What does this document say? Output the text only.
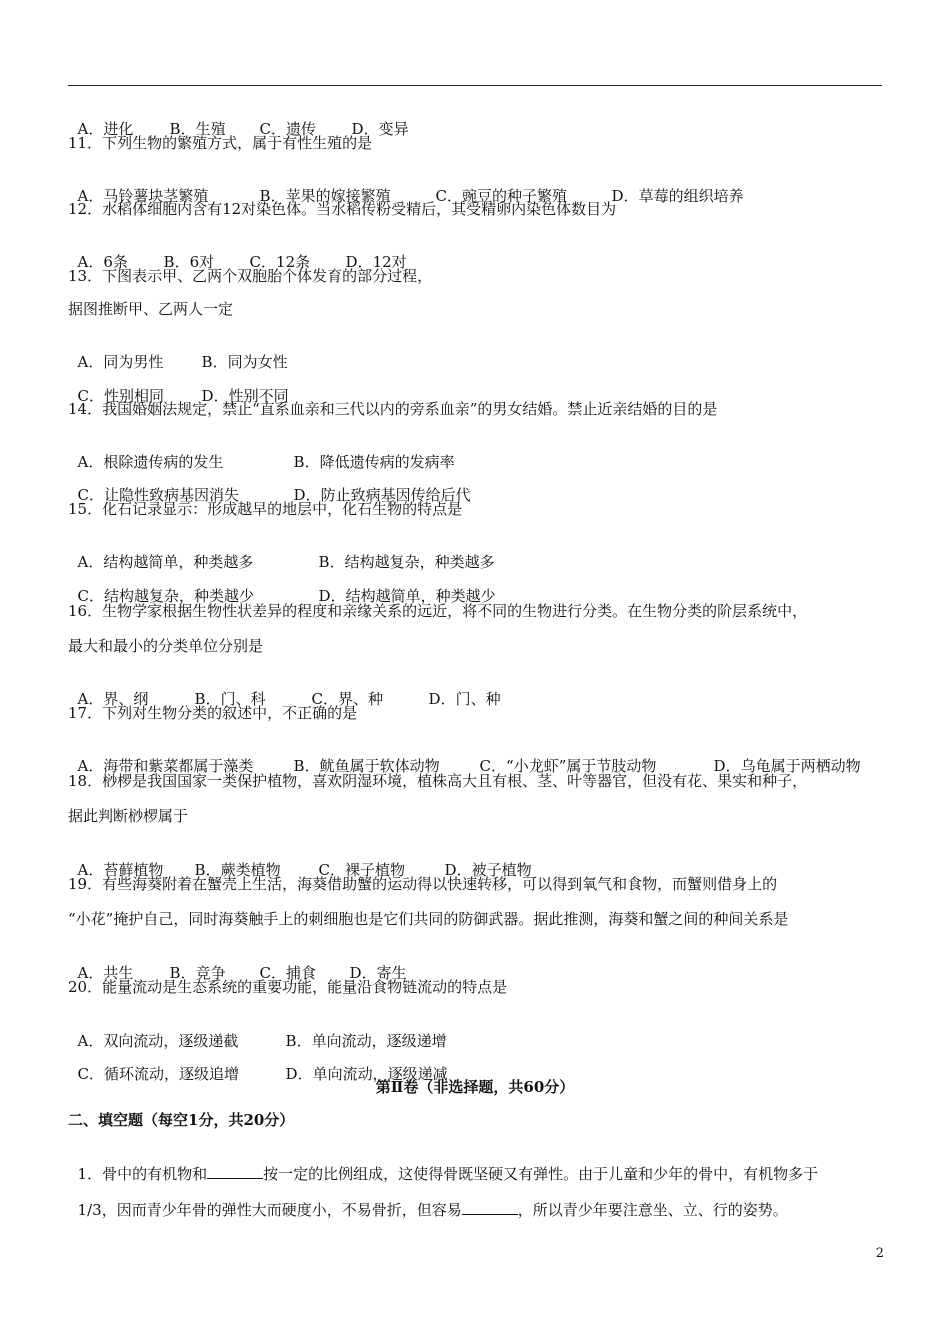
A．进化 B．生殖 C．遗传 D．变异

11．下列生物的繁殖方式，属于有性生殖的是

A．马铃薯块茎繁殖	B．苹果的嫁接繁殖	C．豌豆的种子繁殖	D．草莓的组织培养

12．水稻体细胞内含有12对染色体。当水稻传粉受精后，其受精卵内染色体数目为

A．6条 B．6对 C．12条 D．12对

13．下图表示甲、乙两个双胞胎个体发育的部分过程，
据图推断甲、乙两人一定

A．同为男性	B．同为女性

C．性别相同	D．性别不同

14．我国婚姻法规定，禁止“直系血亲和三代以内的旁系血亲”的男女结婚。禁止近亲结婚的目的是

A．根除遗传病的发生	B．降低遗传病的发病率

C．让隐性致病基因消失	D．防止致病基因传给后代

15．化石记录显示：形成越早的地层中，化石生物的特点是

A．结构越简单，种类越多	B．结构越复杂，种类越多

C．结构越复杂，种类越少	D．结构越简单，种类越少

16．生物学家根据生物性状差异的程度和亲缘关系的远近，将不同的生物进行分类。在生物分类的阶层系统中，
最大和最小的分类单位分别是

A．界、纲	B．门、科	C．界、种	D．门、种

17．下列对生物分类的叙述中，不正确的是

A．海带和紫菜都属于藻类	B．鱿鱼属于软体动物	C．“小龙虾”属于节肢动物	D．乌龟属于两栖动物

18．桫椤是我国国家一类保护植物，喜欢阴湿环境，植株高大且有根、茎、叶等器官，但没有花、果实和种子，
据此判断桫椤属于

A．苔藓植物 B．蕨类植物	C．裸子植物	D．被子植物

19．有些海葵附着在蟹壳上生活，海葵借助蟹的运动得以快速转移，可以得到氧气和食物，而蟹则借身上的
“小花”掩护自己，同时海葵触手上的刺细胞也是它们共同的防御武器。据此推测，海葵和蟹之间的种间关系是

A．共生 B．竞争 C．捕食 D．寄生

20．能量流动是生态系统的重要功能，能量沿食物链流动的特点是

A．双向流动，逐级递截	B．单向流动，逐级递增

C．循环流动，逐级追增	D．单向流动，逐级递减

第Ⅱ卷（非选择题，共60分）
二、填空题（每空1分，共20分）

1．骨中的有机物和	按一定的比例组成，这使得骨既坚硬又有弹性。由于儿童和少年的骨中，有机物多于

1/3，因而青少年骨的弹性大而硬度小，不易骨折，但容易	，所以青少年要注意坐、立、行的姿势。

2
